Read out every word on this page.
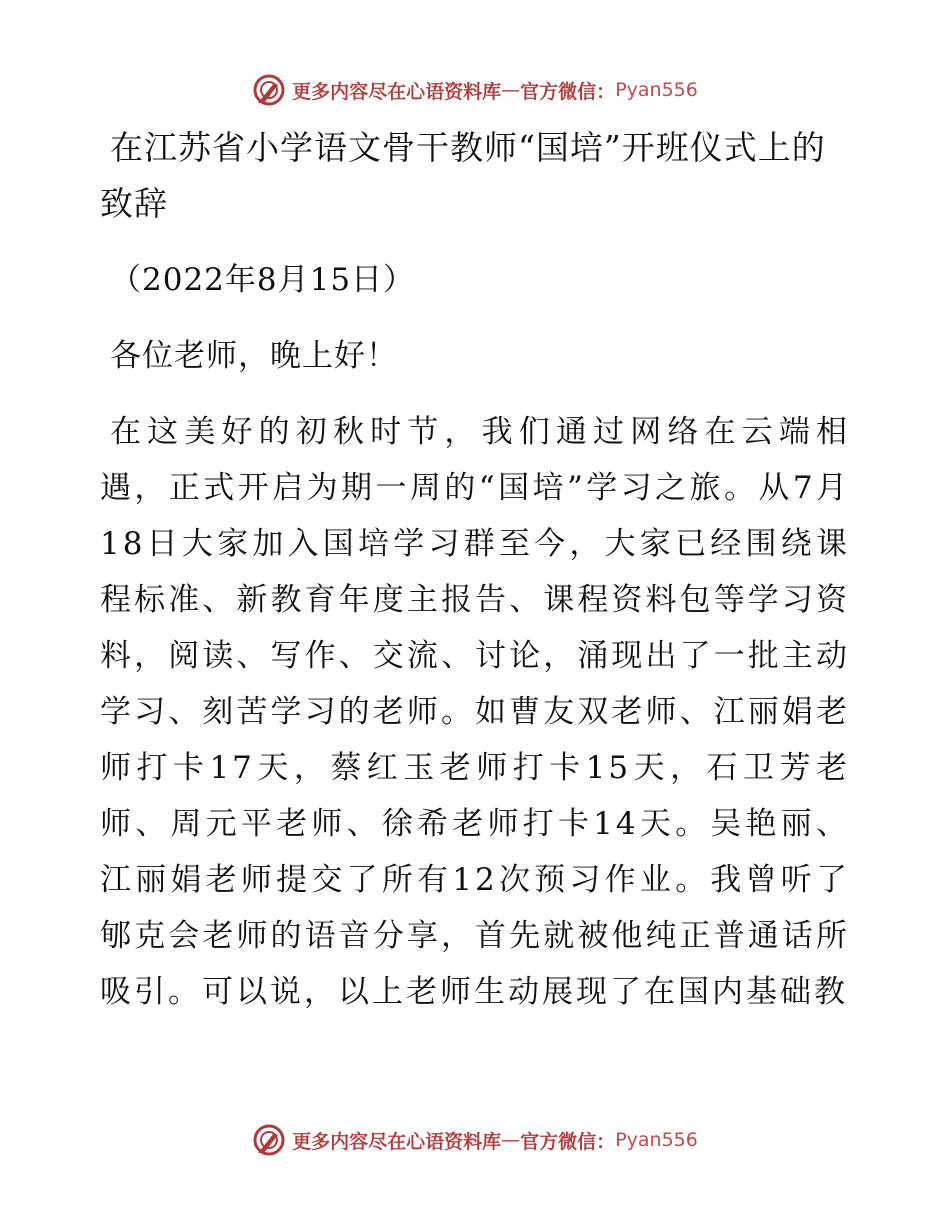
更多内容尽在心语资料库 — 官方微信： Pyan556
在江苏省小学语文骨干教师“国培”开班仪式上的致辞

（2022年8月15日）

各位老师，晚上好！

在这美好的初秋时节，我们通过网络在云端相遇，正式开启为期一周的“国培”学习之旅。从7月18日大家加入国培学习群至今，大家已经围绕课程标准、新教育年度主报告、课程资料包等学习资料，阅读、写作、交流、讨论，涌现出了一批主动学习、刻苦学习的老师。如曹友双老师、江丽娟老师打卡17天，蔡红玉老师打卡15天，石卫芳老师、周元平老师、徐希老师打卡14天。吴艳丽、江丽娟老师提交了所有12次预习作业。我曾听了郇克会老师的语音分享，首先就被他纯正普通话所吸引。可以说，以上老师生动展现了在国内基础教

更多内容尽在心语资料库 — 官方微信： Pyan556
